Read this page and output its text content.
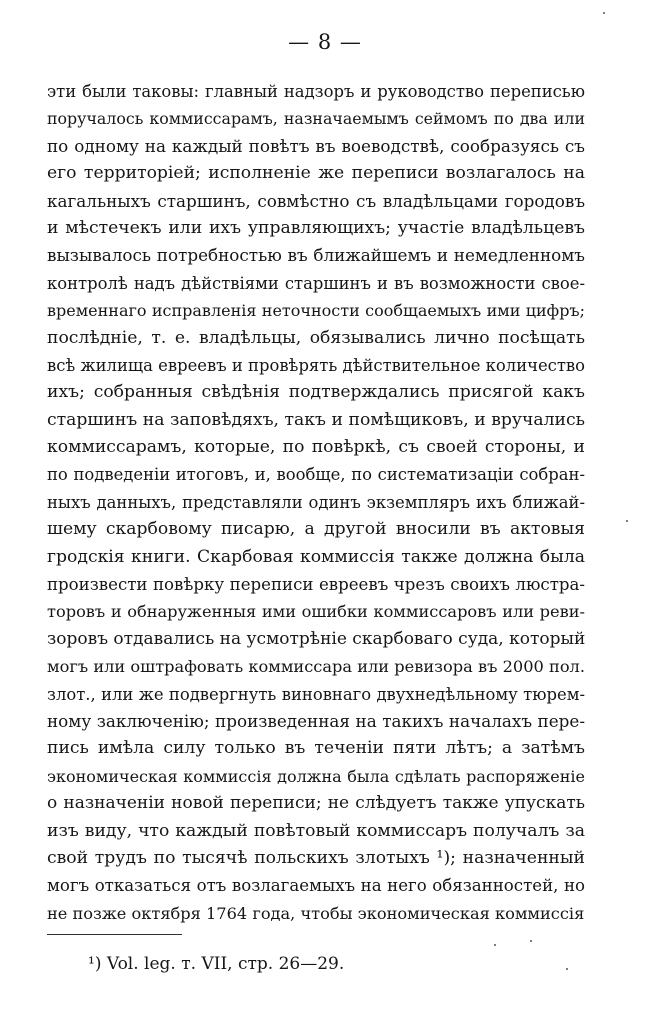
— 8 —
эти были таковы: главный надзоръ и руководство переписью
поручалось коммиссарамъ, назначаемымъ сеймомъ по два или
по одному на каждый повѣтъ въ воеводствѣ, сообразуясь съ
его территоріей; исполненіе же переписи возлагалось на
кагальныхъ старшинъ, совмѣстно съ владѣльцами городовъ
и мѣстечекъ или ихъ управляющихъ; участіе владѣльцевъ
вызывалось потребностью въ ближайшемъ и немедленномъ
контролѣ надъ дѣйствіями старшинъ и въ возможности свое-
временнаго исправленія неточности сообщаемыхъ ими цифръ;
послѣдніе, т. е. владѣльцы, обязывались лично посѣщать
всѣ жилища евреевъ и провѣрять дѣйствительное количество
ихъ; собранныя свѣдѣнія подтверждались присягой какъ
старшинъ на заповѣдяхъ, такъ и помѣщиковъ, и вручались
коммиссарамъ, которые, по повѣркѣ, съ своей стороны, и
по подведеніи итоговъ, и, вообще, по систематизаціи собран-
ныхъ данныхъ, представляли одинъ экземпляръ ихъ ближай-
шему скарбовому писарю, а другой вносили въ актовыя
гродскія книги. Скарбовая коммиссія также должна была
произвести повѣрку переписи евреевъ чрезъ своихъ люстра-
торовъ и обнаруженныя ими ошибки коммиссаровъ или реви-
зоровъ отдавались на усмотрѣніе скарбоваго суда, который
могъ или оштрафовать коммиссара или ревизора въ 2000 пол.
злот., или же подвергнуть виновнаго двухнедѣльному тюрем-
ному заключенію; произведенная на такихъ началахъ пере-
пись имѣла силу только въ теченіи пяти лѣтъ; а затѣмъ
экономическая коммиссія должна была сдѣлать распоряженіе
о назначеніи новой переписи; не слѣдуетъ также упускать
изъ виду, что каждый повѣтовый коммиссаръ получалъ за
свой трудъ по тысячѣ польскихъ злотыхъ ¹); назначенный
могъ отказаться отъ возлагаемыхъ на него обязанностей, но
не позже октября 1764 года, чтобы экономическая коммиссія
¹) Vol. leg. т. VII, стр. 26—29.
